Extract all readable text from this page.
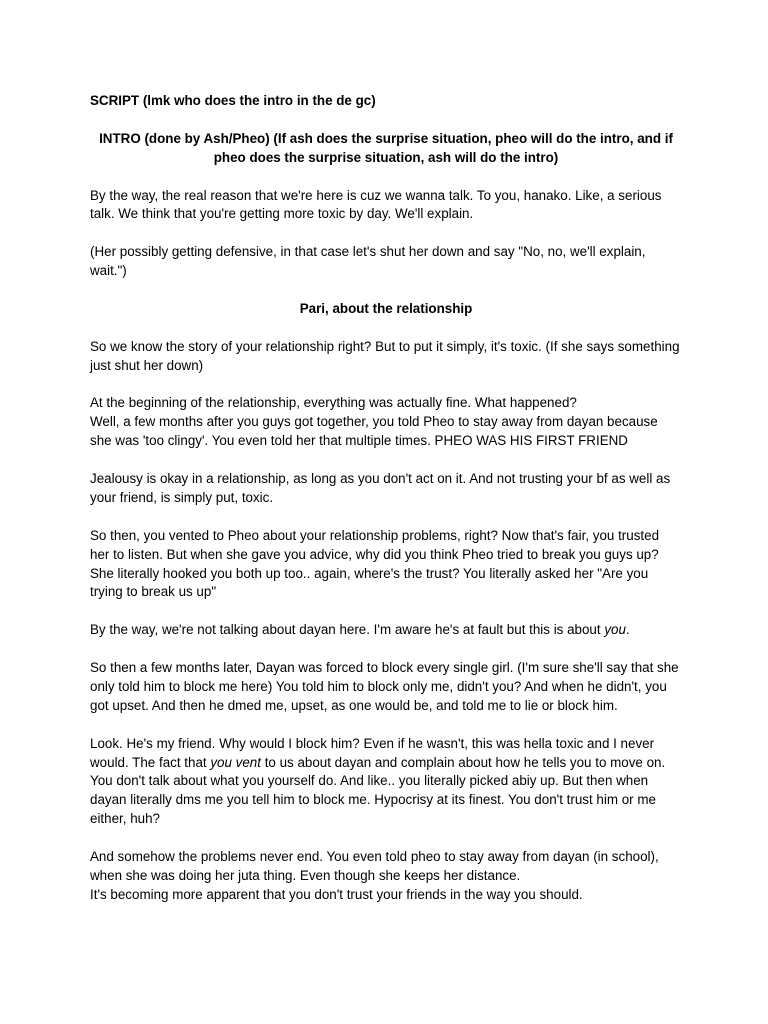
SCRIPT (lmk who does the intro in the de gc)

INTRO (done by Ash/Pheo) (If ash does the surprise situation, pheo will do the intro, and if pheo does the surprise situation, ash will do the intro)

By the way, the real reason that we're here is cuz we wanna talk. To you, hanako. Like, a serious talk. We think that you're getting more toxic by day. We'll explain.

(Her possibly getting defensive, in that case let's shut her down and say "No, no, we'll explain, wait.")

Pari, about the relationship

So we know the story of your relationship right? But to put it simply, it's toxic. (If she says something just shut her down)

At the beginning of the relationship, everything was actually fine. What happened?

Well, a few months after you guys got together, you told Pheo to stay away from dayan because she was 'too clingy'. You even told her that multiple times. PHEO WAS HIS FIRST FRIEND

Jealousy is okay in a relationship, as long as you don't act on it. And not trusting your bf as well as your friend, is simply put, toxic.

So then, you vented to Pheo about your relationship problems, right? Now that's fair, you trusted her to listen. But when she gave you advice, why did you think Pheo tried to break you guys up? She literally hooked you both up too.. again, where's the trust? You literally asked her "Are you trying to break us up"

By the way, we're not talking about dayan here. I'm aware he's at fault but this is about you.

So then a few months later, Dayan was forced to block every single girl. (I'm sure she'll say that she only told him to block me here) You told him to block only me, didn't you? And when he didn't, you got upset. And then he dmed me, upset, as one would be, and told me to lie or block him.

Look. He's my friend. Why would I block him? Even if he wasn't, this was hella toxic and I never would. The fact that you vent to us about dayan and complain about how he tells you to move on. You don't talk about what you yourself do. And like.. you literally picked abiy up. But then when dayan literally dms me you tell him to block me. Hypocrisy at its finest. You don't trust him or me either, huh?

And somehow the problems never end. You even told pheo to stay away from dayan (in school), when she was doing her juta thing. Even though she keeps her distance.

It's becoming more apparent that you don't trust your friends in the way you should.
